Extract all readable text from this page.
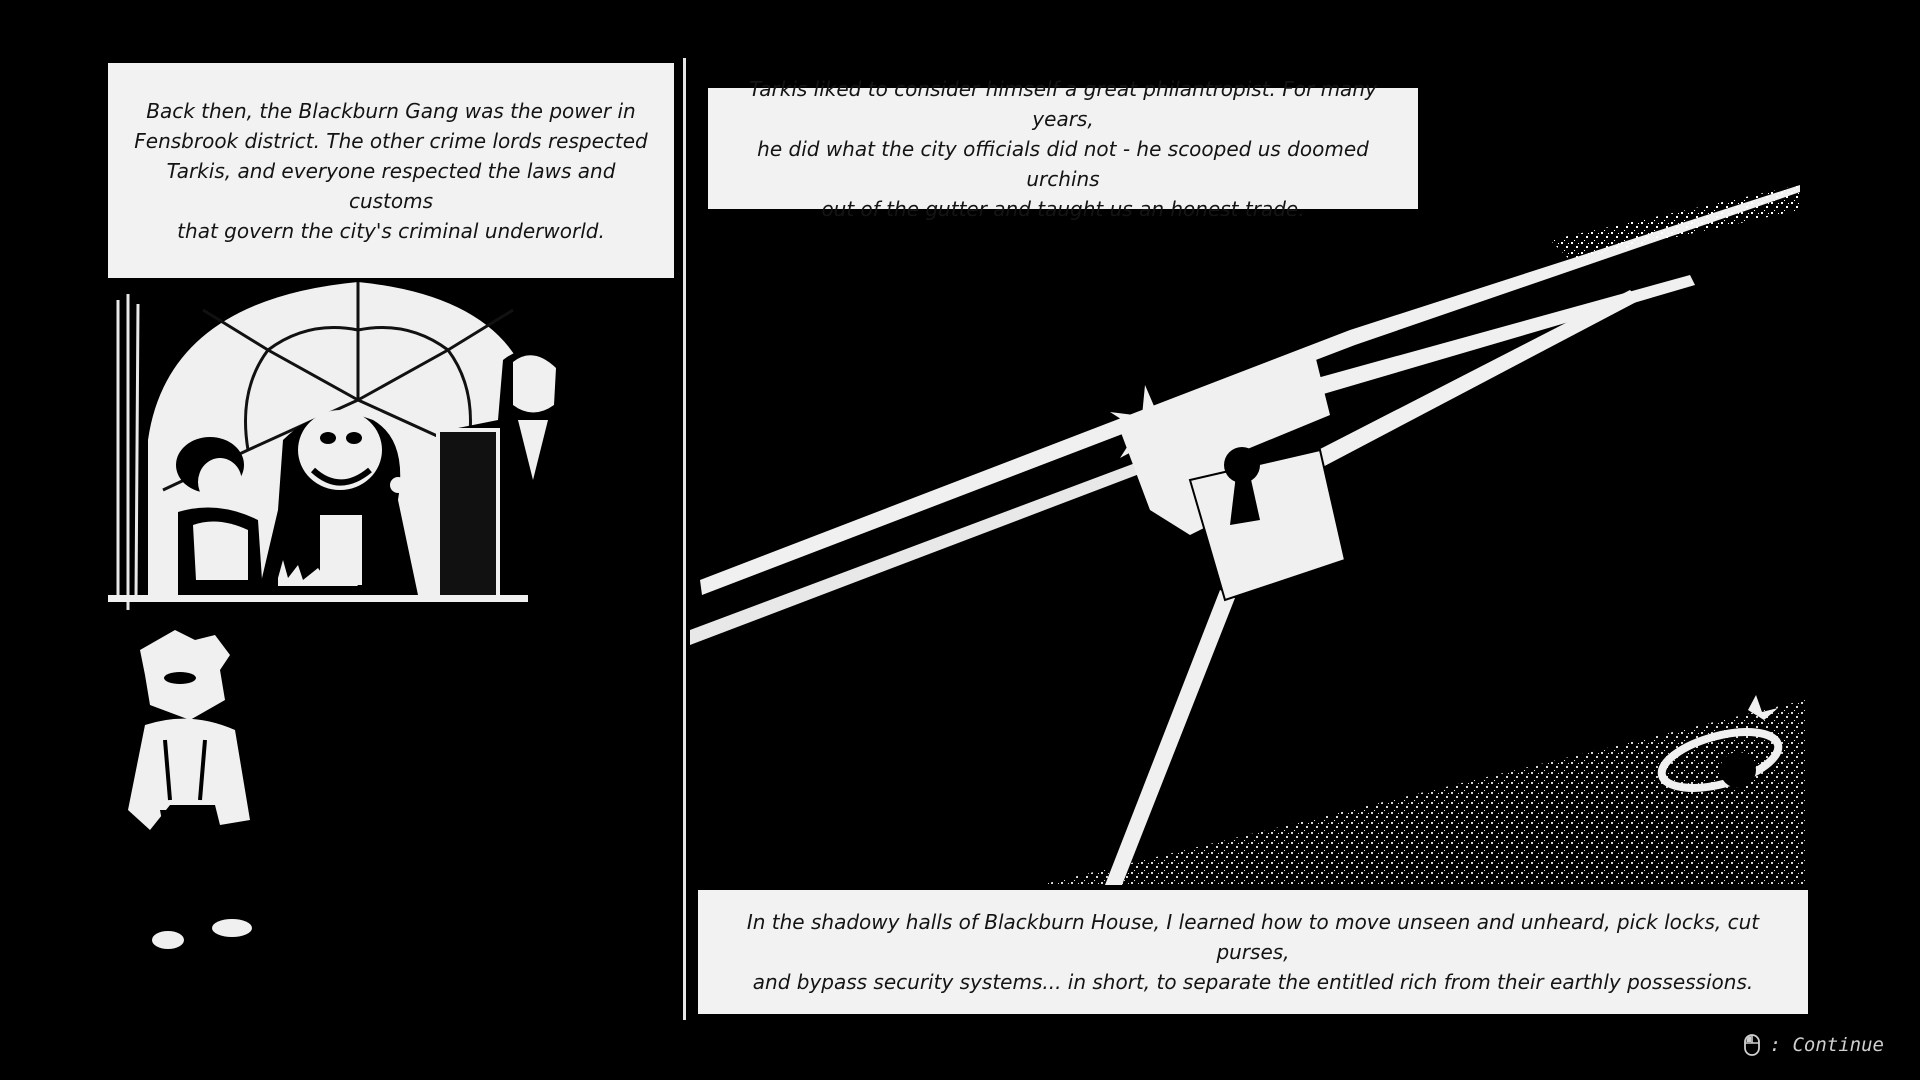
Back then, the Blackburn Gang was the power in
Fensbrook district. The other crime lords respected
Tarkis, and everyone respected the laws and customs
that govern the city's criminal underworld.
Tarkis liked to consider himself a great philantropist. For many years,
he did what the city officials did not - he scooped us doomed urchins
out of the gutter and taught us an honest trade.
In the shadowy halls of Blackburn House, I learned how to move unseen and unheard, pick locks, cut purses,
and bypass security systems... in short, to separate the entitled rich from their earthly possessions.
: Continue
